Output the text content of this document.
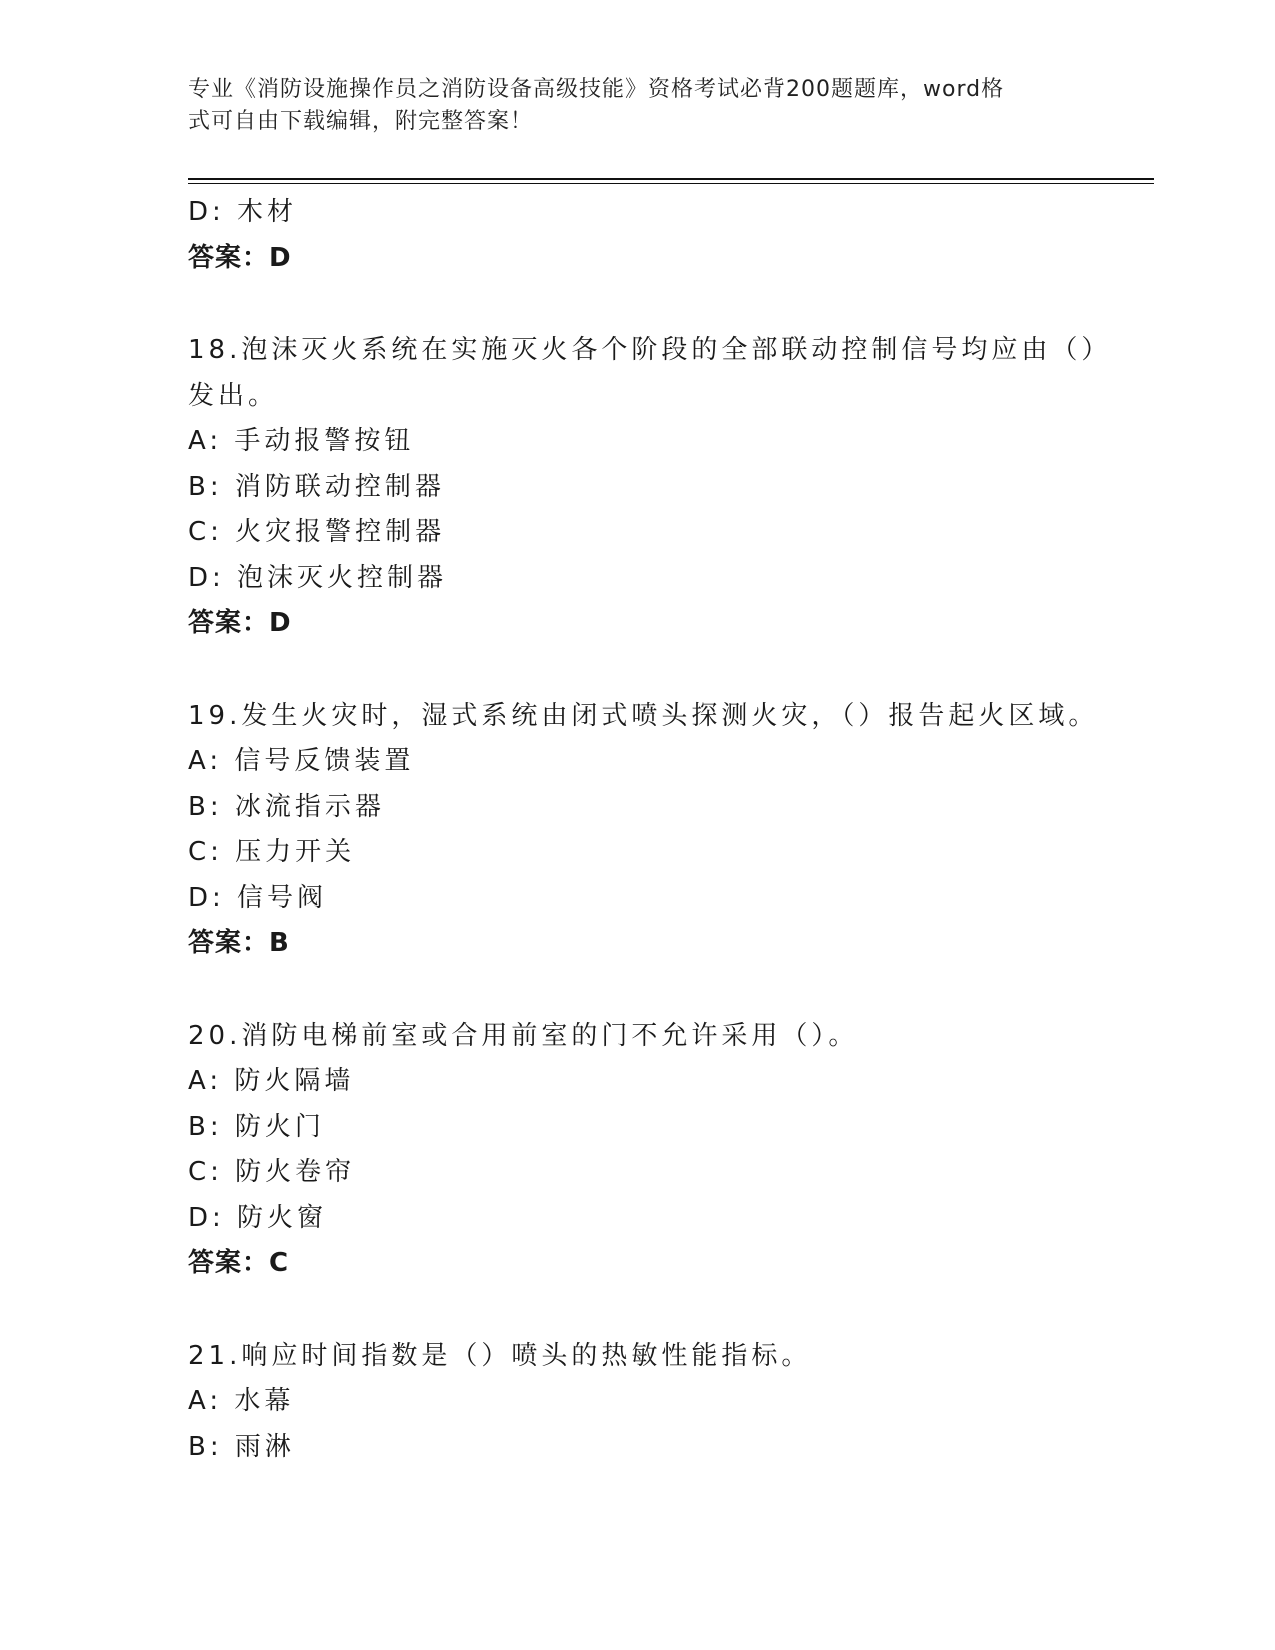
专业《消防设施操作员之消防设备高级技能》资格考试必背200题题库，word格
式可自由下载编辑，附完整答案！
D: 木材
答案：D
18.泡沫灭火系统在实施灭火各个阶段的全部联动控制信号均应由（）
发出。
A: 手动报警按钮
B: 消防联动控制器
C: 火灾报警控制器
D: 泡沫灭火控制器
答案：D
19.发生火灾时，湿式系统由闭式喷头探测火灾，（）报告起火区域。
A: 信号反馈装置
B: 冰流指示器
C: 压力开关
D: 信号阀
答案：B
20.消防电梯前室或合用前室的门不允许采用（）。
A: 防火隔墙
B: 防火门
C: 防火卷帘
D: 防火窗
答案：C
21.响应时间指数是（）喷头的热敏性能指标。
A: 水幕
B: 雨淋
